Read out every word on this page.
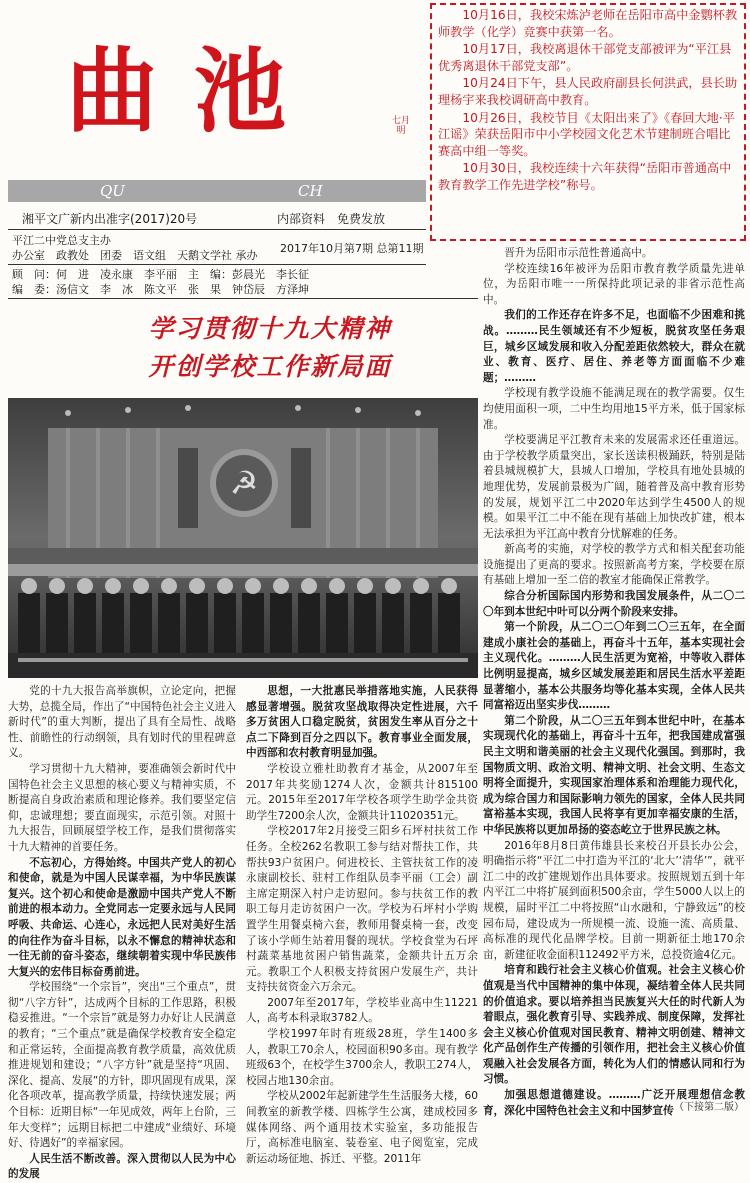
曲池	七月明
QU	CH
湘平文广新内出准字(2017)20号	内部资料　免费发放
平江二中党总支主办
办公室　政教处　团委　语文组　天鹅文学社 承办
2017年10月第7期 总第11期
顾　问：何　进　凌永康　李平丽　主　编：彭晨光　李长征
编　委：汤信文　李　冰　陈文平　张　果　钟岱辰　方泽坤

10月16日，我校宋炼泸老师在岳阳市高中金鹦杯教师教学（化学）竞赛中获第一名。

10月17日，我校离退休干部党支部被评为“平江县优秀离退休干部党支部”。

10月24日下午，县人民政府副县长何洪武，县长助理杨宇来我校调研高中教育。

10月26日，我校节目《太阳出来了》《春回大地·平江谣》荣获岳阳市中小学校园文化艺术节建制班合唱比赛高中组一等奖。

10月30日，我校连续十六年获得“岳阳市普通高中教育教学工作先进学校”称号。

学习贯彻十九大精神
开创学校工作新局面
☭

党的十九大报告高举旗帜，立论定向，把握大势，总揽全局，作出了“中国特色社会主义进入新时代”的重大判断，提出了具有全局性、战略性、前瞻性的行动纲领，具有划时代的里程碑意义。

学习贯彻十九大精神，要准确领会新时代中国特色社会主义思想的核心要义与精神实质，不断提高自身政治素质和理论修养。我们要坚定信仰，忠诚理想；要直面现实，示范引领。对照十九大报告，回顾展望学校工作，是我们贯彻落实十九大精神的首要任务。

不忘初心，方得始终。中国共产党人的初心和使命，就是为中国人民谋幸福，为中华民族谋复兴。这个初心和使命是激励中国共产党人不断前进的根本动力。全党同志一定要永远与人民同呼吸、共命运、心连心，永远把人民对美好生活的向往作为奋斗目标，以永不懈怠的精神状态和一往无前的奋斗姿态，继续朝着实现中华民族伟大复兴的宏伟目标奋勇前进。

学校围绕“一个宗旨”，突出“三个重点”，贯彻“八字方针”，达成两个目标的工作思路，积极稳妥推进。“一个宗旨”就是努力办好让人民满意的教育；“三个重点”就是确保学校教育安全稳定和正常运转，全面提高教育教学质量，高效优质推进规划和建设；“八字方针”就是坚持“巩固、深化、提高、发展”的方针，即巩固现有成果，深化各项改革，提高教学质量，持续快速发展；两个目标：近期目标“一年见成效，两年上台阶，三年大变样”；远期目标把二中建成“业绩好、环境好、待遇好”的幸福家园。

人民生活不断改善。深入贯彻以人民为中心的发展

思想，一大批惠民举措落地实施，人民获得感显著增强。脱贫攻坚战取得决定性进展，六千多万贫困人口稳定脱贫，贫困发生率从百分之十点二下降到百分之四以下。教育事业全面发展，中西部和农村教育明显加强。

学校设立雅杜助教育才基金，从2007年至2017年共奖励1274人次，金额共计815100元。2015年至2017年学校各项学生助学金共资助学生7200余人次，金额共计11020351元。

学校2017年2月接受三阳乡石坪村扶贫工作任务。全校262名教职工参与结对帮扶工作，共帮扶93户贫困户。何进校长、主管扶贫工作的凌永康副校长、驻村工作组队员李平丽（工会）副主席定期深入村户走访慰问。参与扶贫工作的教职工每月走访贫困户一次。学校为石坪村小学购置学生用餐桌椅六套，教师用餐桌椅一套，改变了该小学师生站着用餐的现状。学校食堂为石坪村蔬菜基地贫困户销售蔬菜，金额共计五万余元。教职工个人积极支持贫困户发展生产，共计支持扶贫资金六万余元。

2007年至2017年，学校毕业高中生11221人，高考本科录取3782人。

学校1997年时有班级28班，学生1400多人，教职工70余人，校园面积90多亩。现有教学班级63个，在校学生3700余人，教职工274人，校园占地130余亩。

学校从2002年起新建学生生活服务大楼，60间教室的新教学楼、四栋学生公寓，建成校园多媒体网络、两个通用技术实验室，多功能报告厅，高标准电脑室、装卷室、电子阅览室，完成新运动场征地、拆迁、平整。2011年

晋升为岳阳市示范性普通高中。

学校连续16年被评为岳阳市教育教学质量先进单位，为岳阳市唯一一所保持此项记录的非省示范性高中。

我们的工作还存在许多不足，也面临不少困难和挑战。………民生领域还有不少短板，脱贫攻坚任务艰巨，城乡区域发展和收入分配差距依然较大，群众在就业、教育、医疗、居住、养老等方面面临不少难题；………

学校现有教学设施不能满足现在的教学需要。仅生均使用面积一项，二中生均用地15平方米，低于国家标准。

学校要满足平江教育未来的发展需求还任重道远。由于学校教学质量突出，家长送读积极踊跃，特别是陆着县城规模扩大，县城人口增加，学校具有地处县城的地理优势，发展前景极为广阔，随着普及高中教育形势的发展，规划平江二中2020年达到学生4500人的规模。如果平江二中不能在现有基础上加快改扩建，根本无法承担为平江高中教育分忧解难的任务。

新高考的实施，对学校的教学方式和相关配套功能设施提出了更高的要求。按照新高考方案，学校要在原有基础上增加一至二倍的教室才能确保正常教学。

综合分析国际国内形势和我国发展条件，从二〇二〇年到本世纪中叶可以分两个阶段来安排。

第一个阶段，从二〇二〇年到二〇三五年，在全面建成小康社会的基础上，再奋斗十五年，基本实现社会主义现代化。………人民生活更为宽裕，中等收入群体比例明显提高，城乡区域发展差距和居民生活水平差距显著缩小，基本公共服务均等化基本实现，全体人民共同富裕迈出坚实步伐………

第二个阶段，从二〇三五年到本世纪中叶，在基本实现现代化的基础上，再奋斗十五年，把我国建成富强民主文明和谐美丽的社会主义现代化强国。到那时，我国物质文明、政治文明、精神文明、社会文明、生态文明将全面提升，实现国家治理体系和治理能力现代化，成为综合国力和国际影响力领先的国家，全体人民共同富裕基本实现，我国人民将享有更加幸福安康的生活，中华民族将以更加昂扬的姿态屹立于世界民族之林。

2016年8月8日黄伟雄县长来校召开县长办公会，明确指示将“平江二中打造为平江的‘北大’‘清华’”，就平江二中的改扩建规划作出具体要求。按照规划五到十年内平江二中将扩展到面积500余亩，学生5000人以上的规模，届时平江二中将按照“山水融和，宁静致远”的校园布局，建设成为一所规模一流、设施一流、高质量、高标准的现代化品牌学校。目前一期新征土地170余亩，新建征收金面积112492平方米，总投资逾4亿元。

培育和践行社会主义核心价值观。社会主义核心价值观是当代中国精神的集中体现，凝结着全体人民共同的价值追求。要以培养担当民族复兴大任的时代新人为着眼点，强化教育引导、实践养成、制度保障，发挥社会主义核心价值观对国民教育、精神文明创建、精神文化产品创作生产传播的引领作用，把社会主义核心价值观融入社会发展各方面，转化为人们的情感认同和行为习惯。

加强思想道德建设。………广泛开展理想信念教育，深化中国特色社会主义和中国梦宣传 （下接第二版）
